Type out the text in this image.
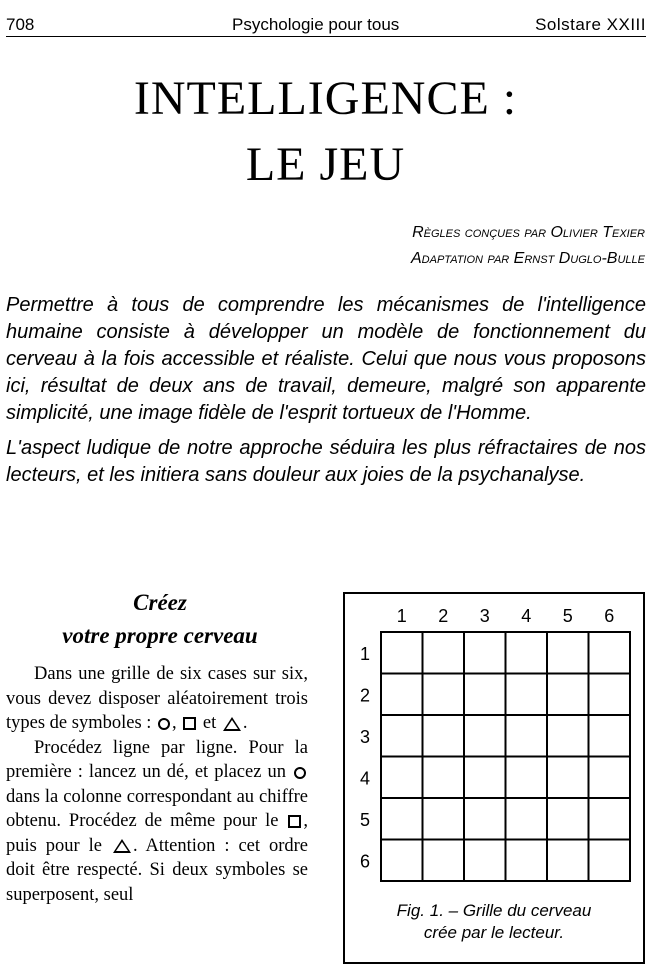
708	Psychologie pour tous	Solstare XXIII
INTELLIGENCE :
LE JEU
Règles conçues par Olivier Texier
Adaptation par Ernst Duglo-Bulle

Permettre à tous de comprendre les mécanismes de l'intelligence humaine consiste à développer un modèle de fonctionnement du cerveau à la fois accessible et réaliste. Celui que nous vous proposons ici, résultat de deux ans de travail, demeure, malgré son apparente simplicité, une image fidèle de l'esprit tortueux de l'Homme.

L'aspect ludique de notre approche séduira les plus réfractaires de nos lecteurs, et les initiera sans douleur aux joies de la psychanalyse.

Créez
votre propre cerveau

Dans une grille de six cases sur six, vous devez disposer aléatoirement trois types de symboles : , et .

Procédez ligne par ligne. Pour la première : lancez un dé, et placez un  dans la colonne correspondant au chiffre obtenu. Procédez de même pour le , puis pour le . Attention : cet ordre doit être respecté. Si deux symboles se superposent, seul

1 2 3 4 5 6
1
2
3
4
5
6
Fig. 1. – Grille du cerveau
crée par le lecteur.
